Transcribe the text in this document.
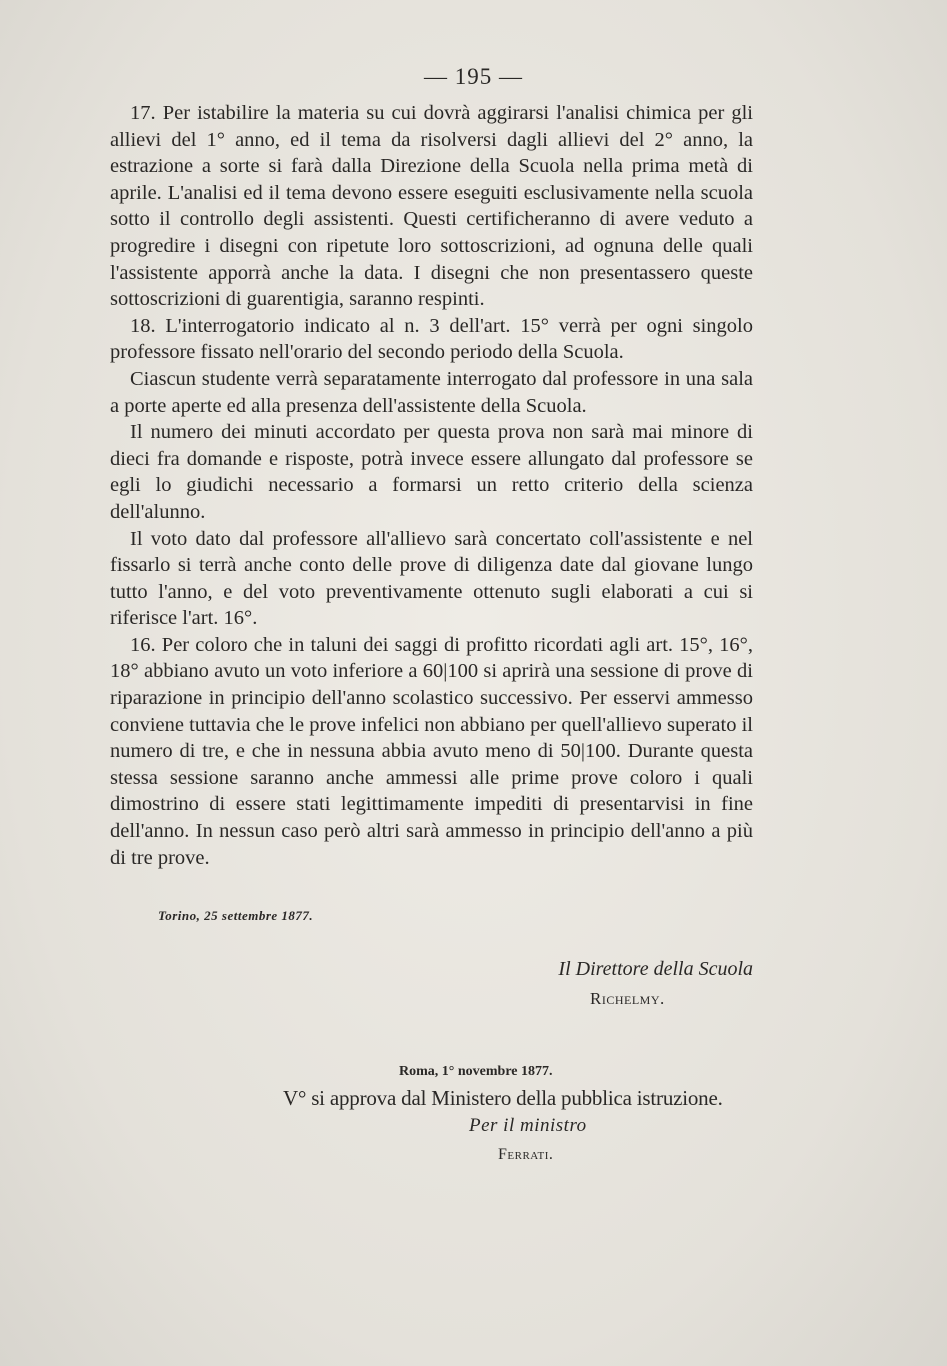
— 195 —

17. Per istabilire la materia su cui dovrà aggirarsi l'analisi chimica per gli allievi del 1° anno, ed il tema da risolversi dagli allievi del 2° anno, la estrazione a sorte si farà dalla Direzione della Scuola nella prima metà di aprile. L'analisi ed il tema devono essere eseguiti esclusivamente nella scuola sotto il controllo degli assistenti. Questi certificheranno di avere veduto a progredire i disegni con ripetute loro sottoscrizioni, ad ognuna delle quali l'assistente apporrà anche la data. I disegni che non presentassero queste sottoscrizioni di guarentigia, saranno respinti.

18. L'interrogatorio indicato al n. 3 dell'art. 15° verrà per ogni singolo professore fissato nell'orario del secondo periodo della Scuola.

Ciascun studente verrà separatamente interrogato dal professore in una sala a porte aperte ed alla presenza dell'assistente della Scuola.

Il numero dei minuti accordato per questa prova non sarà mai minore di dieci fra domande e risposte, potrà invece essere allungato dal professore se egli lo giudichi necessario a formarsi un retto criterio della scienza dell'alunno.

Il voto dato dal professore all'allievo sarà concertato coll'assistente e nel fissarlo si terrà anche conto delle prove di diligenza date dal giovane lungo tutto l'anno, e del voto preventivamente ottenuto sugli elaborati a cui si riferisce l'art. 16°.

16. Per coloro che in taluni dei saggi di profitto ricordati agli art. 15°, 16°, 18° abbiano avuto un voto inferiore a 60|100 si aprirà una sessione di prove di riparazione in principio dell'anno scolastico successivo. Per esservi ammesso conviene tuttavia che le prove infelici non abbiano per quell'allievo superato il numero di tre, e che in nessuna abbia avuto meno di 50|100. Durante questa stessa sessione saranno anche ammessi alle prime prove coloro i quali dimostrino di essere stati legittimamente impediti di presentarvisi in fine dell'anno. In nessun caso però altri sarà ammesso in principio dell'anno a più di tre prove.

Torino, 25 settembre 1877.
Il Direttore della Scuola
Richelmy.
Roma, 1° novembre 1877.
V° si approva dal Ministero della pubblica istruzione.
Per il ministro
Ferrati.
